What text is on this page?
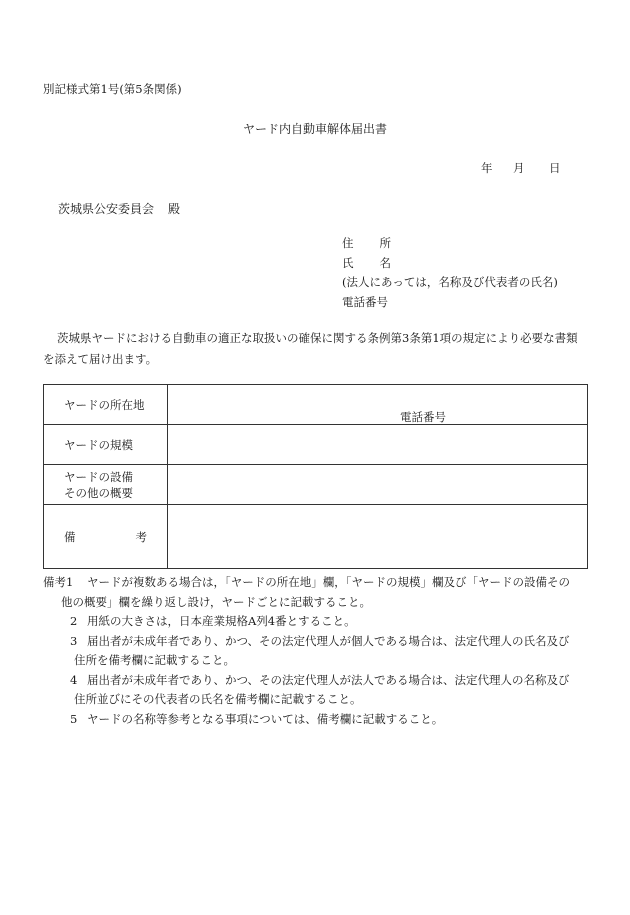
別記様式第1号(第5条関係)
ヤード内自動車解体届出書
年 月 日
茨城県公安委員会 殿
住 所
氏 名
(法人にあっては，名称及び代表者の氏名)
電話番号
茨城県ヤードにおける自動車の適正な取扱いの確保に関する条例第3条第1項の規定により必要な書類を添えて届け出ます。
ヤードの所在地	電話番号

ヤードの規模	

ヤードの設備
その他の概要	

備 考	

備考1	ヤードが複数ある場合は，「ヤードの所在地」欄，「ヤードの規模」欄及び「ヤードの設備その
他の概要」欄を繰り返し設け，ヤードごとに記載すること。
2 用紙の大きさは，日本産業規格A列4番とすること。
3 届出者が未成年者であり、かつ、その法定代理人が個人である場合は、法定代理人の氏名及び
住所を備考欄に記載すること。
4 届出者が未成年者であり、かつ、その法定代理人が法人である場合は、法定代理人の名称及び
住所並びにその代表者の氏名を備考欄に記載すること。
5 ヤードの名称等参考となる事項については、備考欄に記載すること。
